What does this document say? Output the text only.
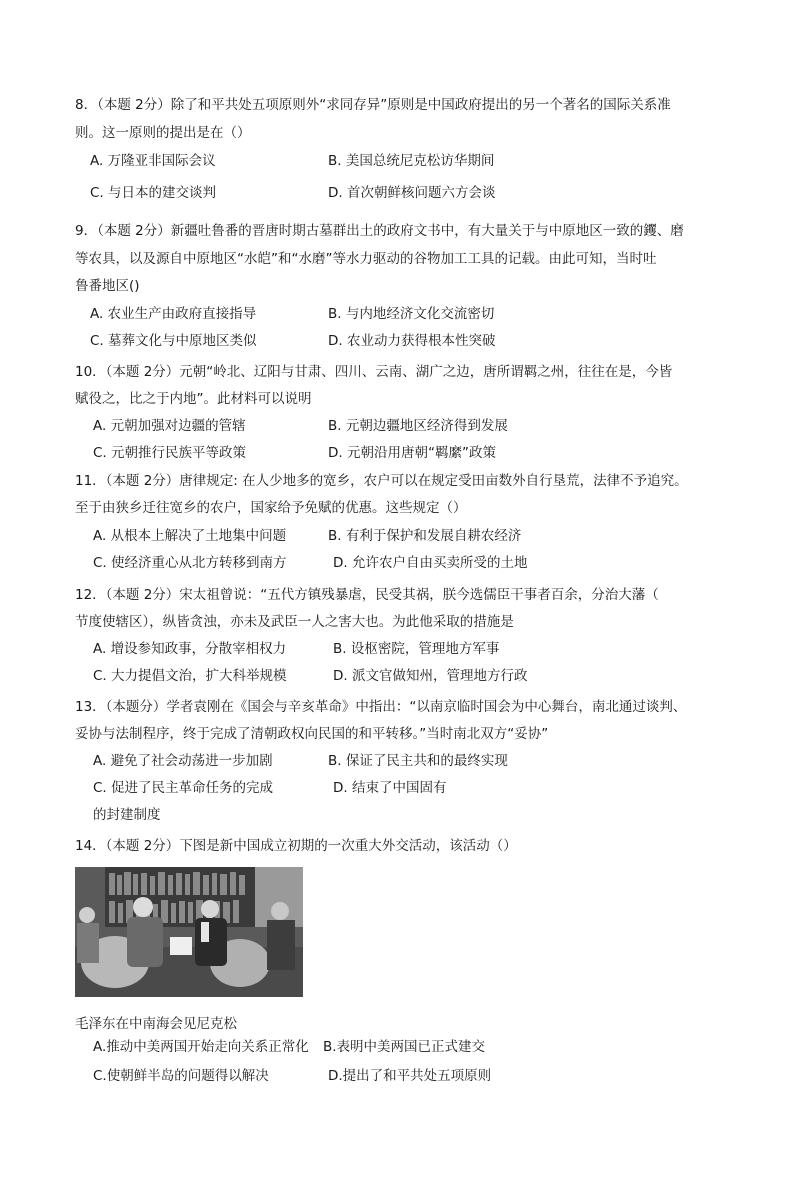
8．（本题 2分）除了和平共处五项原则外“求同存异”原则是中国政府提出的另一个著名的国际关系准
则。这一原则的提出是在（）
A. 万隆亚非国际会议	B. 美国总统尼克松访华期间
C. 与日本的建交谈判	D. 首次朝鲜核问题六方会谈
9．（本题 2分）新疆吐鲁番的晋唐时期古墓群出土的政府文书中，有大量关于与中原地区一致的钁、磨
等农具，以及源自中原地区“水皑”和“水磨”等水力驱动的谷物加工工具的记载。由此可知，当时吐
鲁番地区()
A. 农业生产由政府直接指导	B. 与内地经济文化交流密切
C. 墓葬文化与中原地区类似	D. 农业动力获得根本性突破
10．（本题 2分）元朝“岭北、辽阳与甘肃、四川、云南、湖广之边，唐所谓羁之州，往往在是，今皆
赋役之，比之于内地”。此材料可以说明
A. 元朝加强对边疆的管辖	B. 元朝边疆地区经济得到发展
C. 元朝推行民族平等政策	D. 元朝沿用唐朝“羁縻”政策
11．（本题 2分）唐律规定: 在人少地多的宽乡，农户可以在规定受田亩数外自行垦荒，法律不予追究。
至于由狭乡迁往宽乡的农户，国家给予免赋的优惠。这些规定（）
A. 从根本上解决了土地集中问题	B. 有利于保护和发展自耕农经济
C. 使经济重心从北方转移到南方	D. 允许农户自由买卖所受的土地
12．（本题 2分）宋太祖曾说：“五代方镇残暴虐，民受其祸，朕今选儒臣干事者百余，分治大藩（
节度使辖区），纵皆贪浊，亦未及武臣一人之害大也。为此他采取的措施是
A. 增设参知政事，分散宰相权力	B. 设枢密院，管理地方军事
C. 大力提倡文治，扩大科举规模	D. 派文官做知州，管理地方行政
13．（本题分）学者袁刚在《国会与辛亥革命》中指出：“以南京临时国会为中心舞台，南北通过谈判、
妥协与法制程序，终于完成了清朝政权向民国的和平转移。”当时南北双方“妥协”
A. 避免了社会动荡进一步加剧	B. 保证了民主共和的最终实现
C. 促进了民主革命任务的完成	D. 结束了中国固有
的封建制度
14．（本题 2分）下图是新中国成立初期的一次重大外交活动，该活动（）
毛泽东在中南海会见尼克松
A.推动中美两国开始走向关系正常化 B.表明中美两国已正式建交
C.使朝鲜半岛的问题得以解决	D.提出了和平共处五项原则
